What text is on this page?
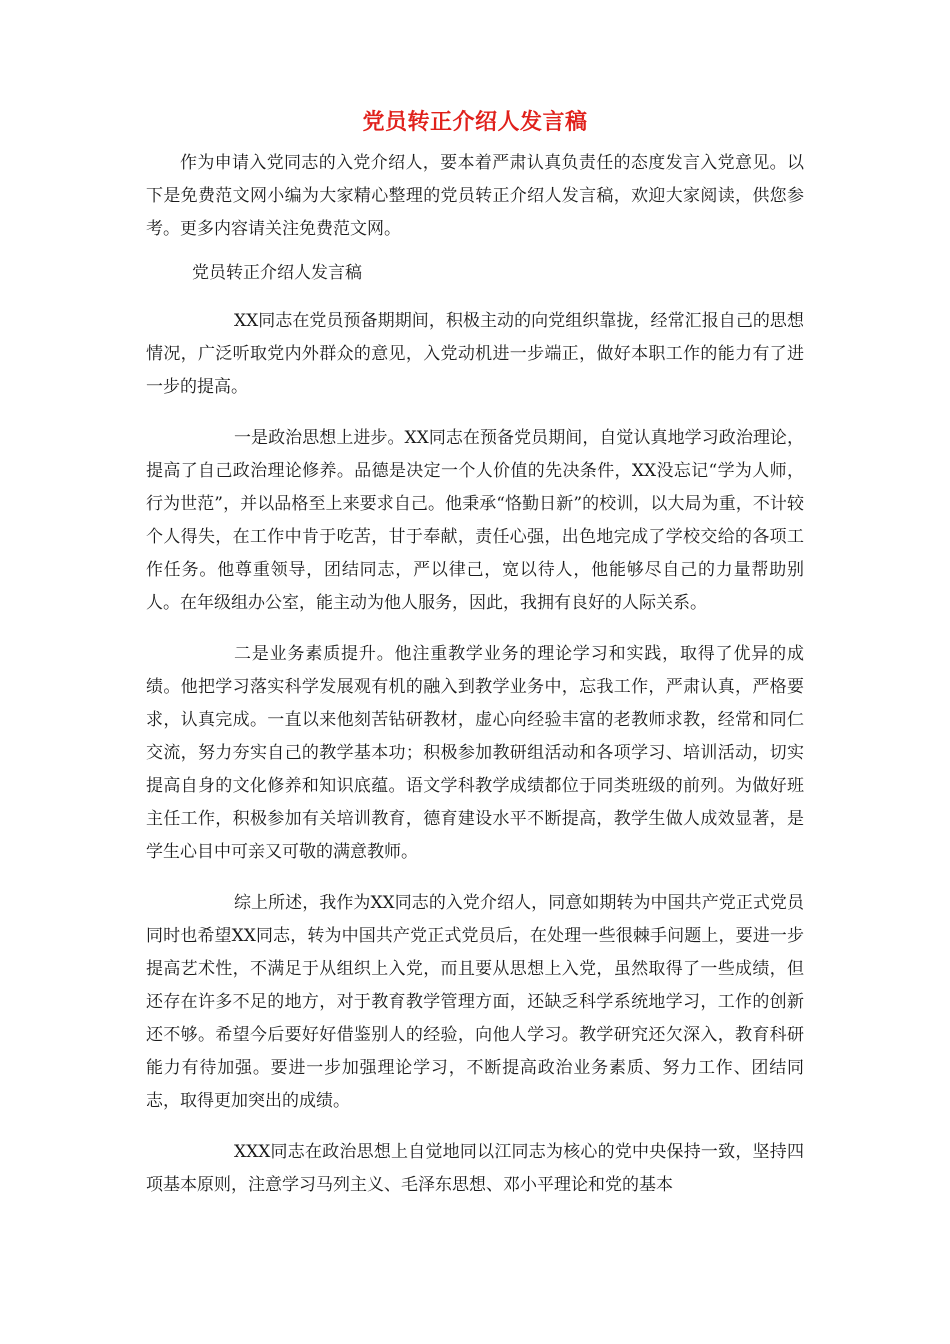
党员转正介绍人发言稿

作为申请入党同志的入党介绍人，要本着严肃认真负责任的态度发言入党意见。以下是免费范文网小编为大家精心整理的党员转正介绍人发言稿，欢迎大家阅读，供您参考。更多内容请关注免费范文网。

党员转正介绍人发言稿

XX同志在党员预备期期间，积极主动的向党组织靠拢，经常汇报自己的思想情况，广泛听取党内外群众的意见，入党动机进一步端正，做好本职工作的能力有了进一步的提高。

一是政治思想上进步。XX同志在预备党员期间，自觉认真地学习政治理论，提高了自己政治理论修养。品德是决定一个人价值的先决条件，XX没忘记“学为人师，行为世范”，并以品格至上来要求自己。他秉承“恪勤日新”的校训，以大局为重，不计较个人得失，在工作中肯于吃苦，甘于奉献，责任心强，出色地完成了学校交给的各项工作任务。他尊重领导，团结同志，严以律己，宽以待人，他能够尽自己的力量帮助别人。在年级组办公室，能主动为他人服务，因此，我拥有良好的人际关系。

二是业务素质提升。他注重教学业务的理论学习和实践，取得了优异的成绩。他把学习落实科学发展观有机的融入到教学业务中，忘我工作，严肃认真，严格要求，认真完成。一直以来他刻苦钻研教材，虚心向经验丰富的老教师求教，经常和同仁交流，努力夯实自己的教学基本功；积极参加教研组活动和各项学习、培训活动，切实提高自身的文化修养和知识底蕴。语文学科教学成绩都位于同类班级的前列。为做好班主任工作，积极参加有关培训教育，德育建设水平不断提高，教学生做人成效显著，是学生心目中可亲又可敬的满意教师。

综上所述，我作为XX同志的入党介绍人，同意如期转为中国共产党正式党员同时也希望XX同志，转为中国共产党正式党员后，在处理一些很棘手问题上，要进一步提高艺术性，不满足于从组织上入党，而且要从思想上入党，虽然取得了一些成绩，但还存在许多不足的地方，对于教育教学管理方面，还缺乏科学系统地学习，工作的创新还不够。希望今后要好好借鉴别人的经验，向他人学习。教学研究还欠深入，教育科研能力有待加强。要进一步加强理论学习，不断提高政治业务素质、努力工作、团结同志，取得更加突出的成绩。

XXX同志在政治思想上自觉地同以江同志为核心的党中央保持一致，坚持四项基本原则，注意学习马列主义、毛泽东思想、邓小平理论和党的基本
